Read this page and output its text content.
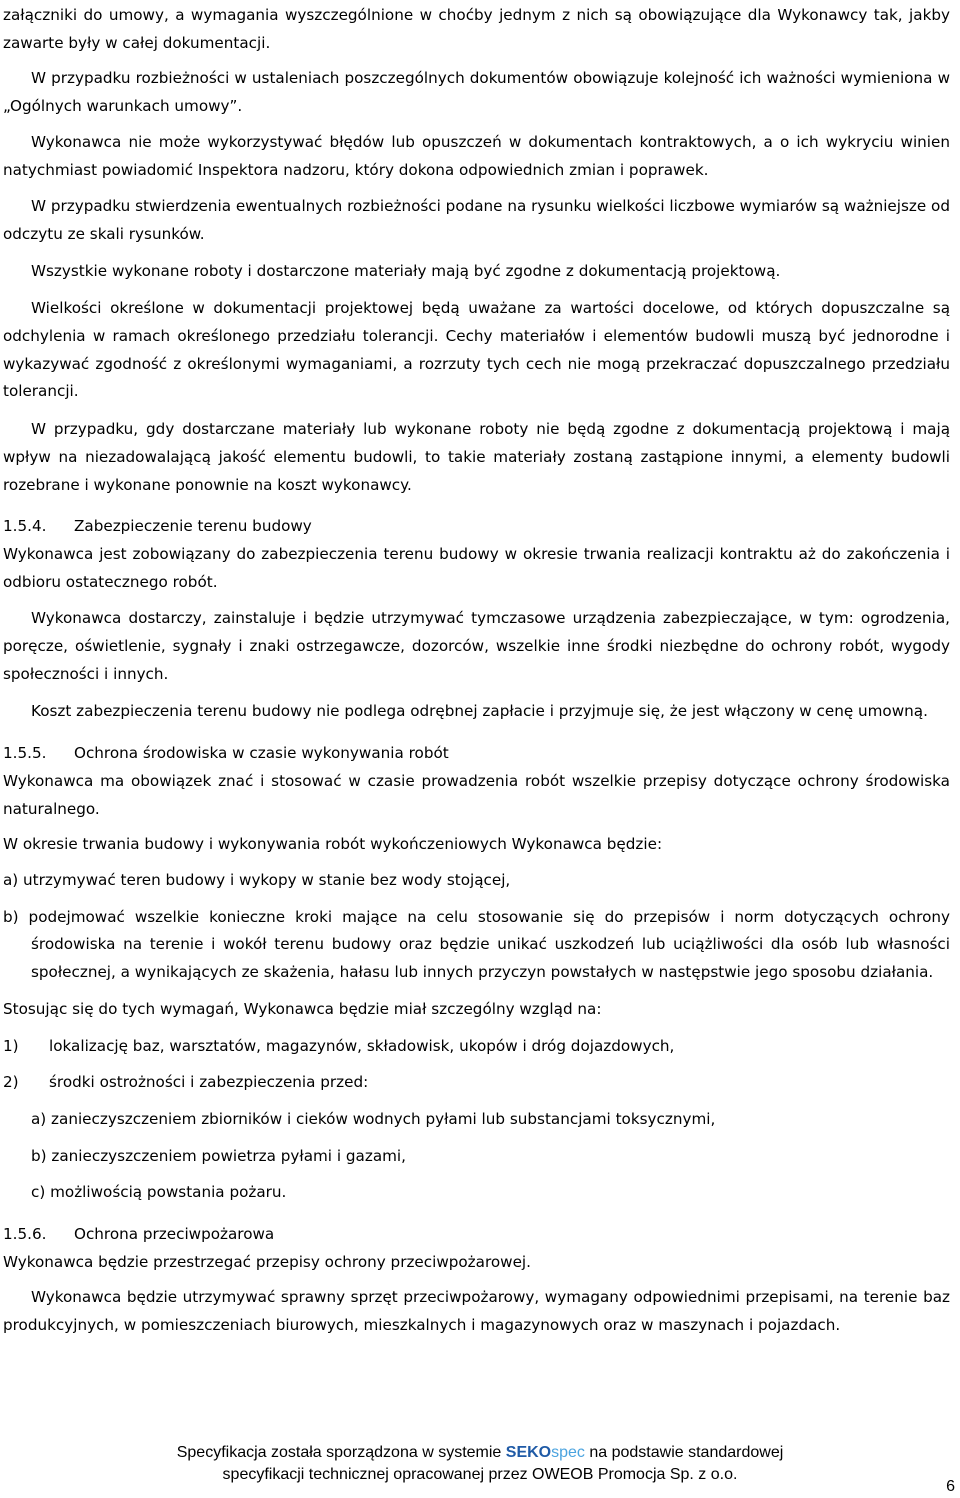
załączniki do umowy, a wymagania wyszczególnione w choćby jednym z nich są obowiązujące dla Wykonawcy tak, jakby zawarte były w całej dokumentacji.

W przypadku rozbieżności w ustaleniach poszczególnych dokumentów obowiązuje kolejność ich ważności wymieniona w „Ogólnych warunkach umowy”.

Wykonawca nie może wykorzystywać błędów lub opuszczeń w dokumentach kontraktowych, a o ich wykryciu winien natychmiast powiadomić Inspektora nadzoru, który dokona odpowiednich zmian i poprawek.

W przypadku stwierdzenia ewentualnych rozbieżności podane na rysunku wielkości liczbowe wymiarów są ważniejsze od odczytu ze skali rysunków.

Wszystkie wykonane roboty i dostarczone materiały mają być zgodne z dokumentacją projektową.

Wielkości określone w dokumentacji projektowej będą uważane za wartości docelowe, od których dopuszczalne są odchylenia w ramach określonego przedziału tolerancji. Cechy materiałów i elementów budowli muszą być jednorodne i wykazywać zgodność z określonymi wymaganiami, a rozrzuty tych cech nie mogą przekraczać dopuszczalnego przedziału tolerancji.

W przypadku, gdy dostarczane materiały lub wykonane roboty nie będą zgodne z dokumentacją projektową i mają wpływ na niezadowalającą jakość elementu budowli, to takie materiały zostaną zastąpione innymi, a elementy budowli rozebrane i wykonane ponownie na koszt wykonawcy.

1.5.4.	Zabezpieczenie terenu budowy

Wykonawca jest zobowiązany do zabezpieczenia terenu budowy w okresie trwania realizacji kontraktu aż do zakończenia i odbioru ostatecznego robót.

Wykonawca dostarczy, zainstaluje i będzie utrzymywać tymczasowe urządzenia zabezpieczające, w tym: ogrodzenia, poręcze, oświetlenie, sygnały i znaki ostrzegawcze, dozorców, wszelkie inne środki niezbędne do ochrony robót, wygody społeczności i innych.

Koszt zabezpieczenia terenu budowy nie podlega odrębnej zapłacie i przyjmuje się, że jest włączony w cenę umowną.

1.5.5.	Ochrona środowiska w czasie wykonywania robót

Wykonawca ma obowiązek znać i stosować w czasie prowadzenia robót wszelkie przepisy dotyczące ochrony środowiska naturalnego.

W okresie trwania budowy i wykonywania robót wykończeniowych Wykonawca będzie:

a) utrzymywać teren budowy i wykopy w stanie bez wody stojącej,

b) podejmować wszelkie konieczne kroki mające na celu stosowanie się do przepisów i norm dotyczących ochrony środowiska na terenie i wokół terenu budowy oraz będzie unikać uszkodzeń lub uciążliwości dla osób lub własności społecznej, a wynikających ze skażenia, hałasu lub innych przyczyn powstałych w następstwie jego sposobu działania.

Stosując się do tych wymagań, Wykonawca będzie miał szczególny wzgląd na:

1)	lokalizację baz, warsztatów, magazynów, składowisk, ukopów i dróg dojazdowych,
2)	środki ostrożności i zabezpieczenia przed:

a) zanieczyszczeniem zbiorników i cieków wodnych pyłami lub substancjami toksycznymi,

b) zanieczyszczeniem powietrza pyłami i gazami,

c) możliwością powstania pożaru.

1.5.6.	Ochrona przeciwpożarowa

Wykonawca będzie przestrzegać przepisy ochrony przeciwpożarowej.

Wykonawca będzie utrzymywać sprawny sprzęt przeciwpożarowy, wymagany odpowiednimi przepisami, na terenie baz produkcyjnych, w pomieszczeniach biurowych, mieszkalnych i magazynowych oraz w maszynach i pojazdach.

Specyfikacja została sporządzona w systemie SEKOspec na podstawie standardowej
specyfikacji technicznej opracowanej przez OWEOB Promocja Sp. z o.o.
6
